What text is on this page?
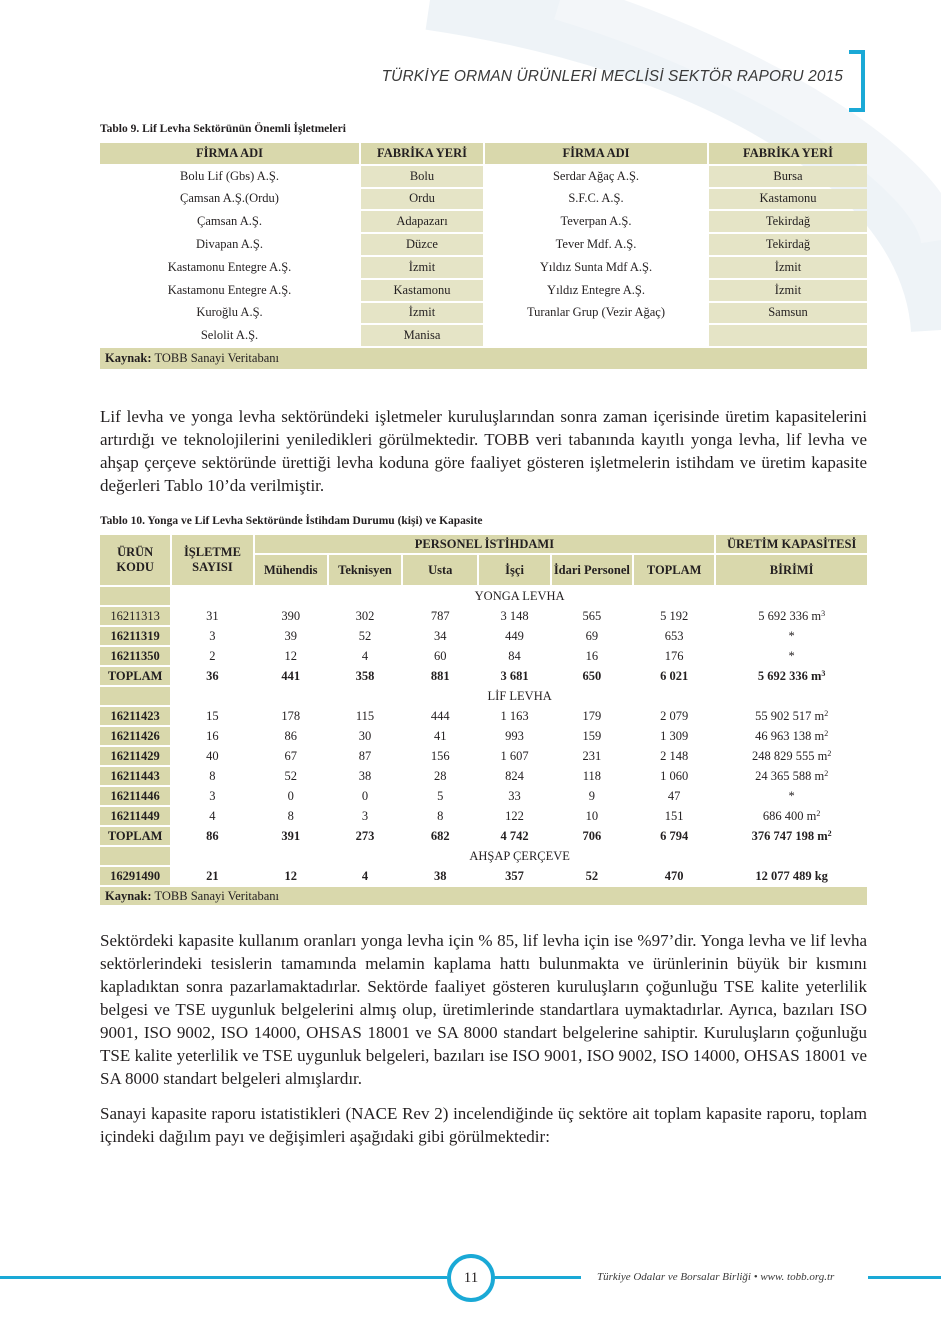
TÜRKİYE ORMAN ÜRÜNLERİ MECLİSİ SEKTÖR RAPORU 2015
Tablo 9. Lif Levha Sektörünün Önemli İşletmeleri
FİRMA ADI	FABRİKA YERİ	FİRMA ADI	FABRİKA YERİ
Bolu Lif (Gbs) A.Ş.	Bolu	Serdar Ağaç A.Ş.	Bursa
Çamsan A.Ş.(Ordu)	Ordu	S.F.C. A.Ş.	Kastamonu
Çamsan A.Ş.	Adapazarı	Teverpan A.Ş.	Tekirdağ
Divapan A.Ş.	Düzce	Tever Mdf. A.Ş.	Tekirdağ
Kastamonu Entegre A.Ş.	İzmit	Yıldız Sunta Mdf A.Ş.	İzmit
Kastamonu Entegre A.Ş.	Kastamonu	Yıldız Entegre A.Ş.	İzmit
Kuroğlu A.Ş.	İzmit	Turanlar Grup (Vezir Ağaç)	Samsun
Selolit A.Ş.	Manisa		
Kaynak: TOBB Sanayi Veritabanı			

Lif levha ve yonga levha sektöründeki işletmeler kuruluşlarından sonra zaman içerisinde üretim kapasitelerini artırdığı ve teknolojilerini yeniledikleri görülmektedir. TOBB veri tabanında kayıtlı yonga levha, lif levha ve ahşap çerçeve sektöründe ürettiği levha koduna göre faaliyet gösteren işletmelerin istihdam ve üretim kapasite değerleri Tablo 10’da verilmiştir.

Tablo 10. Yonga ve Lif Levha Sektöründe İstihdam Durumu (kişi) ve Kapasite
ÜRÜN KODU	İŞLETME SAYISI	PERSONEL İSTİHDAMI						ÜRETİM KAPASİTESİ
		Mühendis	Teknisyen	Usta	İşçi	İdari Personel	TOPLAM	BİRİMİ
	YONGA LEVHA							
16211313	31	390	302	787	3 148	565	5 192	5 692 336 $m^3$
16211319	3	39	52	34	449	69	653	*
16211350	2	12	4	60	84	16	176	*
TOPLAM	36	441	358	881	3 681	650	6 021	5 692 336 $m^3$
	LİF LEVHA							
16211423	15	178	115	444	1 163	179	2 079	55 902 517 $m^2$
16211426	16	86	30	41	993	159	1 309	46 963 138 $m^2$
16211429	40	67	87	156	1 607	231	2 148	248 829 555 $m^2$
16211443	8	52	38	28	824	118	1 060	24 365 588 $m^2$
16211446	3	0	0	5	33	9	47	*
16211449	4	8	3	8	122	10	151	686 400 $m^2$
TOPLAM	86	391	273	682	4 742	706	6 794	376 747 198 $m^2$
	AHŞAP ÇERÇEVE							
16291490	21	12	4	38	357	52	470	12 077 489 kg
Kaynak: TOBB Sanayi Veritabanı								

Sektördeki kapasite kullanım oranları yonga levha için % 85, lif levha için ise %97’dir. Yonga levha ve lif levha sektörlerindeki tesislerin tamamında melamin kaplama hattı bulunmakta ve ürünlerinin büyük bir kısmını kapladıktan sonra pazarlamaktadırlar. Sektörde faaliyet gösteren kuruluşların çoğunluğu TSE kalite yeterlilik belgesi ve TSE uygunluk belgelerini almış olup, üretimlerinde standartlara uymaktadırlar. Ayrıca, bazıları ISO 9001, ISO 9002, ISO 14000, OHSAS 18001 ve SA 8000 standart belgelerine sahiptir. Kuruluşların çoğunluğu TSE kalite yeterlilik ve TSE uygunluk belgeleri, bazıları ise ISO 9001, ISO 9002, ISO 14000, OHSAS 18001 ve SA 8000 standart belgeleri almışlardır.

Sanayi kapasite raporu istatistikleri (NACE Rev 2) incelendiğinde üç sektöre ait toplam kapasite raporu, toplam içindeki dağılım payı ve değişimleri aşağıdaki gibi görülmektedir:

11	Türkiye Odalar ve Borsalar Birliği • www. tobb.org.tr
